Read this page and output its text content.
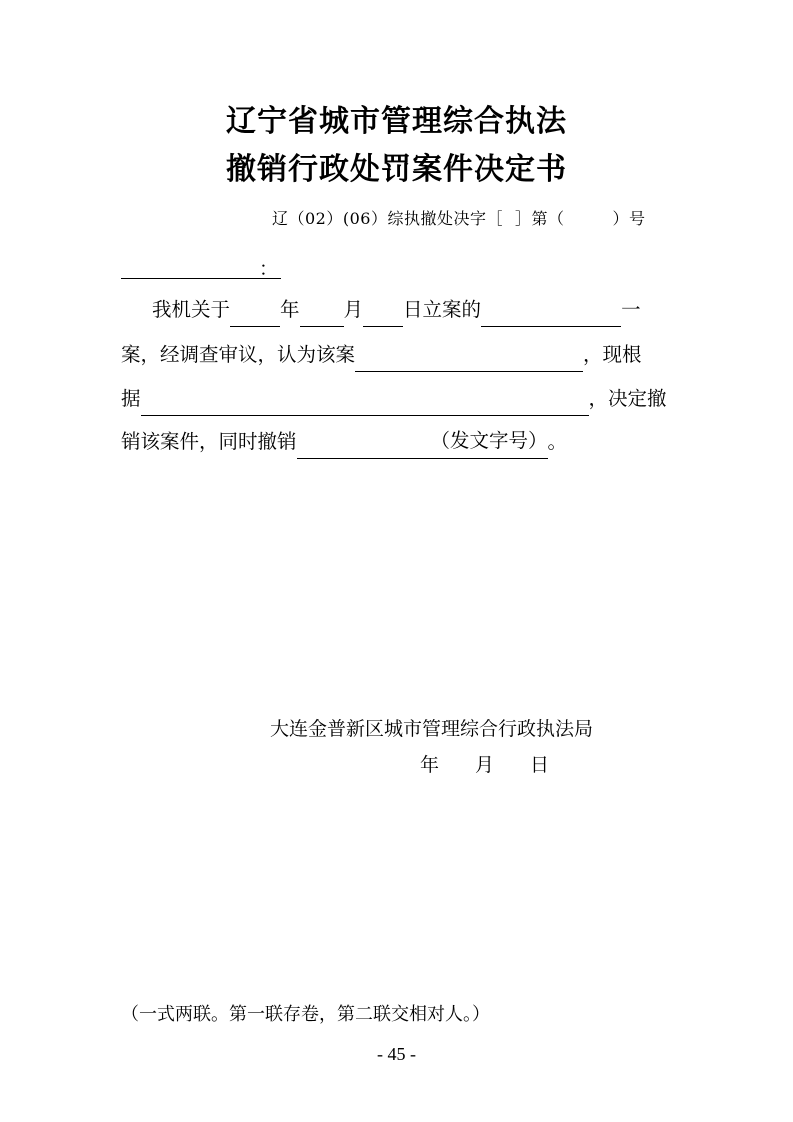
辽宁省城市管理综合执法
撤销行政处罚案件决定书
辽（02）(06）综执撤处决字［ ］第（	）号
：
我机关于	年 月 日立案的	一
案，经调查审议，认为该案	，现根
据	，决定撤
销该案件，同时撤销	（发文字号） 。
大连金普新区城市管理综合行政执法局
年 月 日
（一式两联。第一联存卷，第二联交相对人。）
- 45 -
